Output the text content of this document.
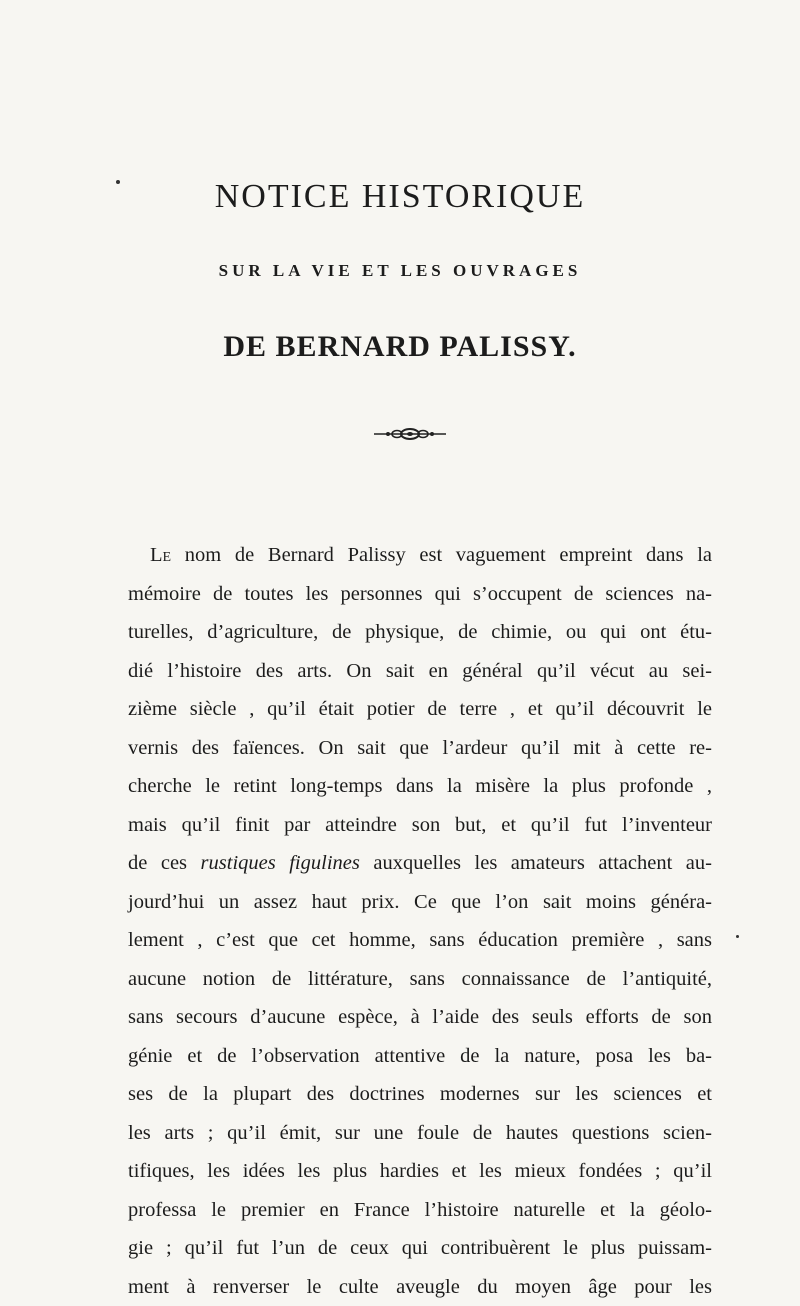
NOTICE HISTORIQUE
SUR LA VIE ET LES OUVRAGES
DE BERNARD PALISSY.
Le nom de Bernard Palissy est vaguement empreint dans la
mémoire de toutes les personnes qui s’occupent de sciences na-
turelles, d’agriculture, de physique, de chimie, ou qui ont étu-
dié l’histoire des arts. On sait en général qu’il vécut au sei-
zième siècle , qu’il était potier de terre , et qu’il découvrit le
vernis des faïences. On sait que l’ardeur qu’il mit à cette re-
cherche le retint long-temps dans la misère la plus profonde ,
mais qu’il finit par atteindre son but, et qu’il fut l’inventeur
de ces rustiques figulines auxquelles les amateurs attachent au-
jourd’hui un assez haut prix. Ce que l’on sait moins généra-
lement , c’est que cet homme, sans éducation première , sans
aucune notion de littérature, sans connaissance de l’antiquité,
sans secours d’aucune espèce, à l’aide des seuls efforts de son
génie et de l’observation attentive de la nature, posa les ba-
ses de la plupart des doctrines modernes sur les sciences et
les arts ; qu’il émit, sur une foule de hautes questions scien-
tifiques, les idées les plus hardies et les mieux fondées ; qu’il
professa le premier en France l’histoire naturelle et la géolo-
gie ; qu’il fut l’un de ceux qui contribuèrent le plus puissam-
ment à renverser le culte aveugle du moyen âge pour les
